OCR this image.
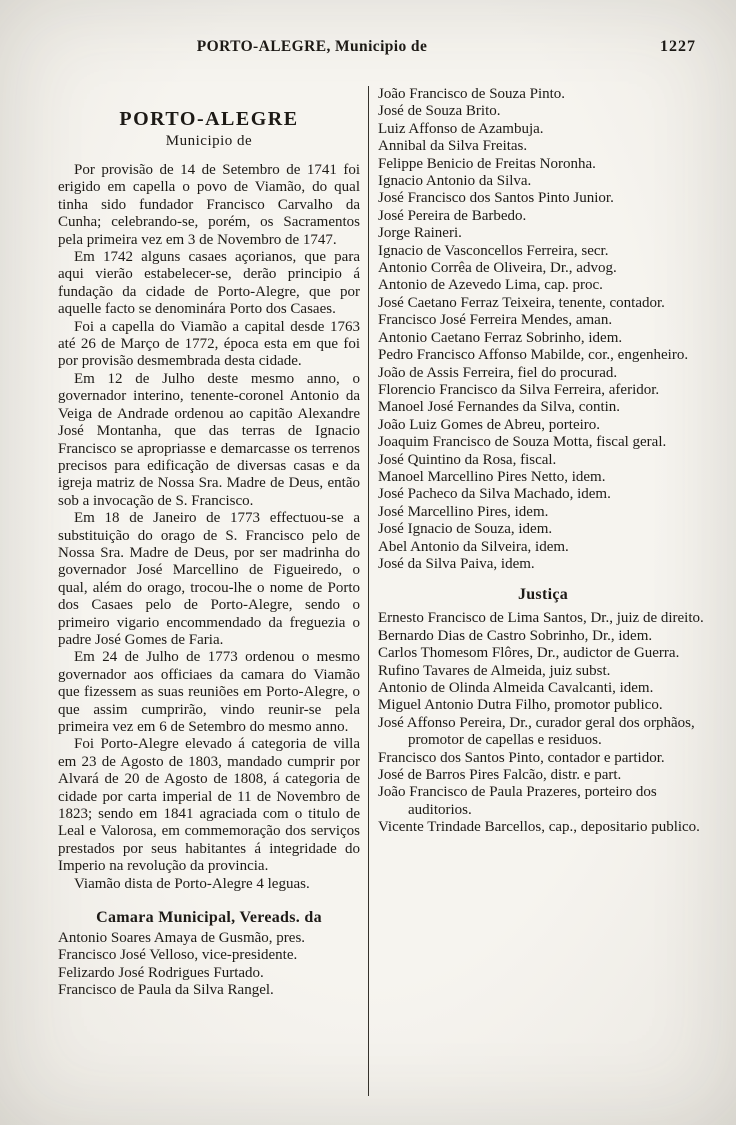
PORTO-ALEGRE, Municipio de	1227
PORTO-ALEGRE
Municipio de

Por provisão de 14 de Setembro de 1741 foi erigido em capella o povo de Viamão, do qual tinha sido fundador Francisco Carvalho da Cunha; celebrando-se, porém, os Sacramentos pela primeira vez em 3 de Novembro de 1747.

Em 1742 alguns casaes açorianos, que para aqui vierão estabelecer-se, derão principio á fundação da cidade de Porto-Alegre, que por aquelle facto se denominára Porto dos Casaes.

Foi a capella do Viamão a capital desde 1763 até 26 de Março de 1772, época esta em que foi por provisão desmembrada desta cidade.

Em 12 de Julho deste mesmo anno, o governador interino, tenente-coronel Antonio da Veiga de Andrade ordenou ao capitão Alexandre José Montanha, que das terras de Ignacio Francisco se apropriasse e demarcasse os terrenos precisos para edificação de diversas casas e da igreja matriz de Nossa Sra. Madre de Deus, então sob a invocação de S. Francisco.

Em 18 de Janeiro de 1773 effectuou-se a substituição do orago de S. Francisco pelo de Nossa Sra. Madre de Deus, por ser madrinha do governador José Marcellino de Figueiredo, o qual, além do orago, trocou-lhe o nome de Porto dos Casaes pelo de Porto-Alegre, sendo o primeiro vigario encommendado da freguezia o padre José Gomes de Faria.

Em 24 de Julho de 1773 ordenou o mesmo governador aos officiaes da camara do Viamão que fizessem as suas reuniões em Porto-Alegre, o que assim cumprirão, vindo reunir-se pela primeira vez em 6 de Setembro do mesmo anno.

Foi Porto-Alegre elevado á categoria de villa em 23 de Agosto de 1803, mandado cumprir por Alvará de 20 de Agosto de 1808, á categoria de cidade por carta imperial de 11 de Novembro de 1823; sendo em 1841 agraciada com o titulo de Leal e Valorosa, em commemoração dos serviços prestados por seus habitantes á integridade do Imperio na revolução da provincia.

Viamão dista de Porto-Alegre 4 leguas.

Camara Municipal, Vereads. da

Antonio Soares Amaya de Gusmão, pres.

Francisco José Velloso, vice-presidente.

Felizardo José Rodrigues Furtado.

Francisco de Paula da Silva Rangel.

João Francisco de Souza Pinto.

José de Souza Brito.

Luiz Affonso de Azambuja.

Annibal da Silva Freitas.

Felippe Benicio de Freitas Noronha.

Ignacio Antonio da Silva.

José Francisco dos Santos Pinto Junior.

José Pereira de Barbedo.

Jorge Raineri.

Ignacio de Vasconcellos Ferreira, secr.

Antonio Corrêa de Oliveira, Dr., advog.

Antonio de Azevedo Lima, cap. proc.

José Caetano Ferraz Teixeira, tenente, contador.

Francisco José Ferreira Mendes, aman.

Antonio Caetano Ferraz Sobrinho, idem.

Pedro Francisco Affonso Mabilde, cor., engenheiro.

João de Assis Ferreira, fiel do procurad.

Florencio Francisco da Silva Ferreira, aferidor.

Manoel José Fernandes da Silva, contin.

João Luiz Gomes de Abreu, porteiro.

Joaquim Francisco de Souza Motta, fiscal geral.

José Quintino da Rosa, fiscal.

Manoel Marcellino Pires Netto, idem.

José Pacheco da Silva Machado, idem.

José Marcellino Pires, idem.

José Ignacio de Souza, idem.

Abel Antonio da Silveira, idem.

José da Silva Paiva, idem.

Justiça

Ernesto Francisco de Lima Santos, Dr., juiz de direito.

Bernardo Dias de Castro Sobrinho, Dr., idem.

Carlos Thomesom Flôres, Dr., audictor de Guerra.

Rufino Tavares de Almeida, juiz subst.

Antonio de Olinda Almeida Cavalcanti, idem.

Miguel Antonio Dutra Filho, promotor publico.

José Affonso Pereira, Dr., curador geral dos orphãos, promotor de capellas e residuos.

Francisco dos Santos Pinto, contador e partidor.

José de Barros Pires Falcão, distr. e part.

João Francisco de Paula Prazeres, porteiro dos auditorios.

Vicente Trindade Barcellos, cap., depositario publico.
